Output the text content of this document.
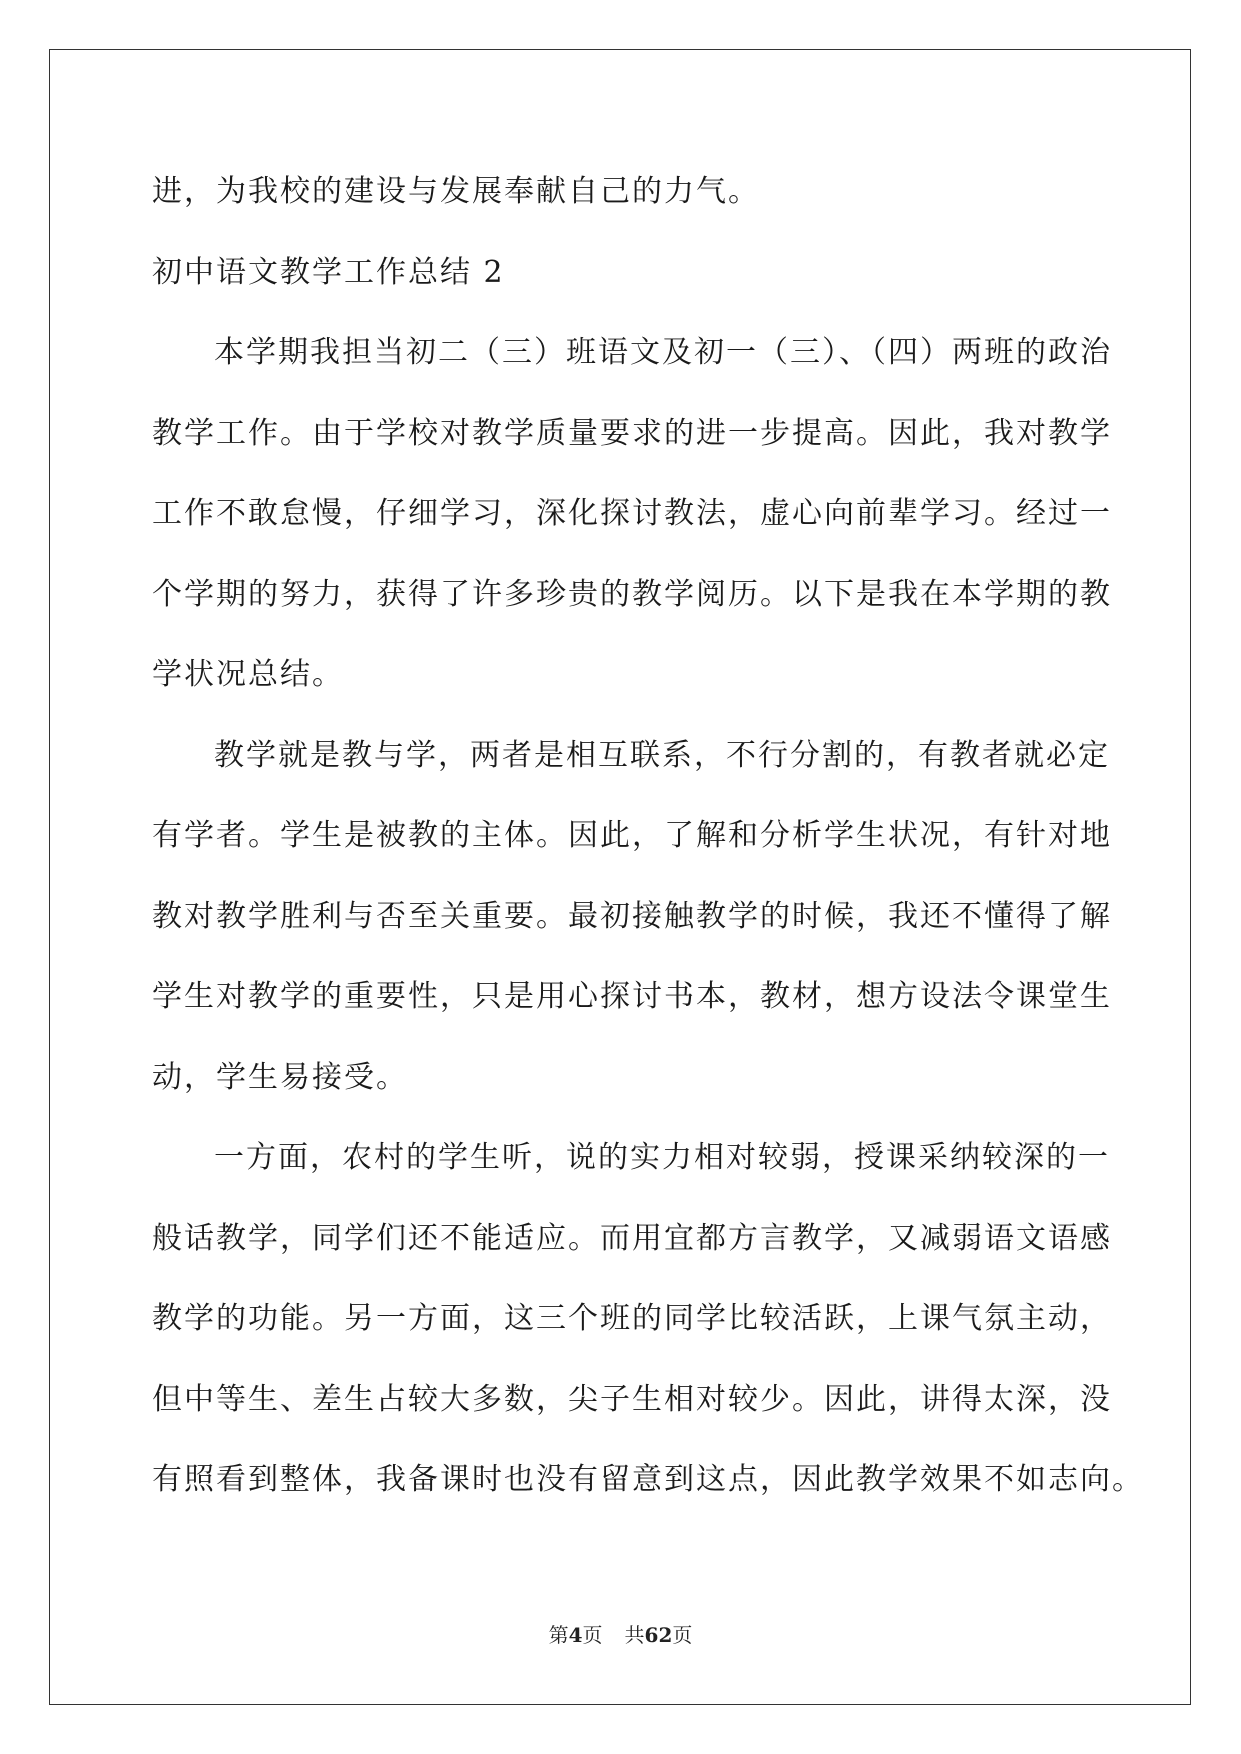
进，为我校的建设与发展奉献自己的力气。

初中语文教学工作总结 2

本学期我担当初二（三）班语文及初一（三）、（四）两班的政治

教学工作。由于学校对教学质量要求的进一步提高。因此，我对教学

工作不敢怠慢，仔细学习，深化探讨教法，虚心向前辈学习。经过一

个学期的努力，获得了许多珍贵的教学阅历。以下是我在本学期的教

学状况总结。

教学就是教与学，两者是相互联系，不行分割的，有教者就必定

有学者。学生是被教的主体。因此，了解和分析学生状况，有针对地

教对教学胜利与否至关重要。最初接触教学的时候，我还不懂得了解

学生对教学的重要性，只是用心探讨书本，教材，想方设法令课堂生

动，学生易接受。

一方面，农村的学生听，说的实力相对较弱，授课采纳较深的一

般话教学，同学们还不能适应。而用宜都方言教学，又减弱语文语感

教学的功能。另一方面，这三个班的同学比较活跃，上课气氛主动，

但中等生、差生占较大多数，尖子生相对较少。因此，讲得太深，没

有照看到整体，我备课时也没有留意到这点，因此教学效果不如志向。

第4页 共62页
